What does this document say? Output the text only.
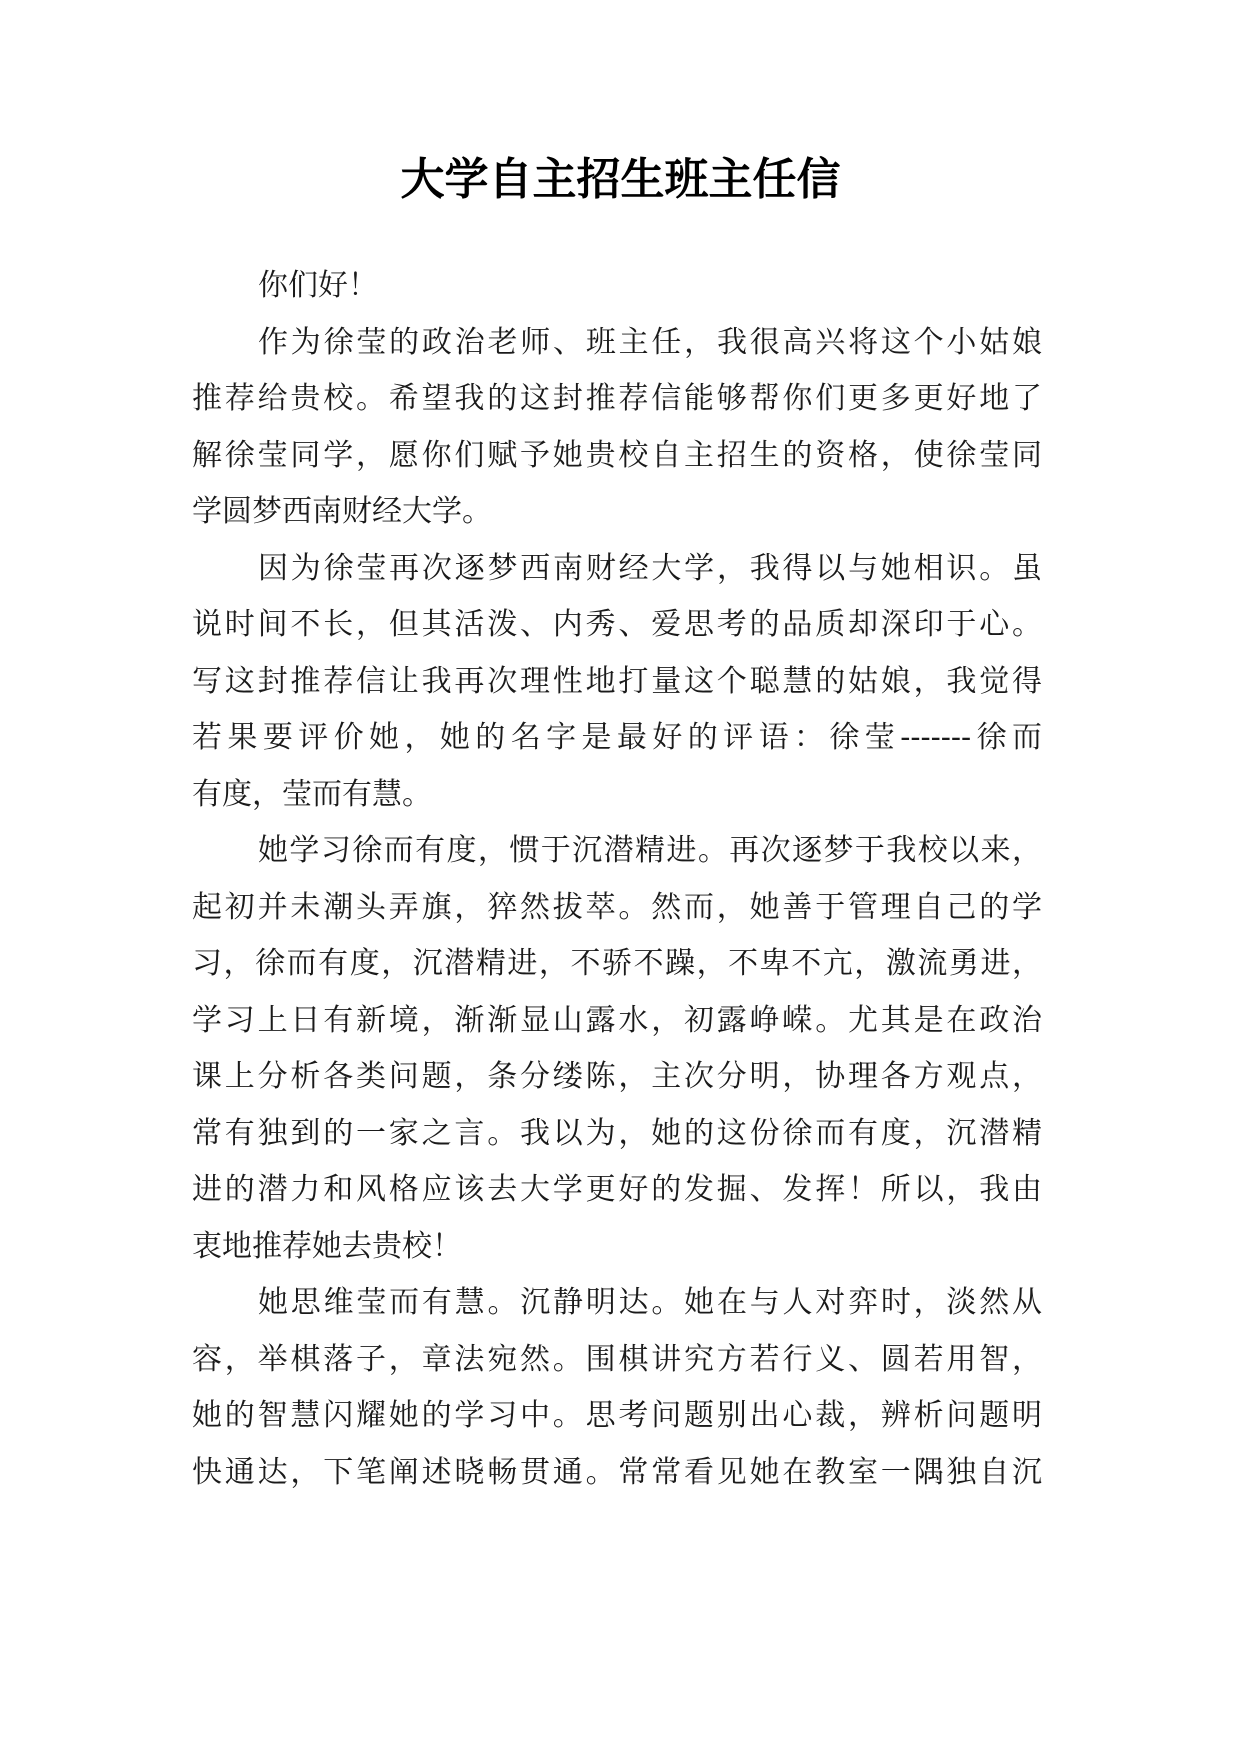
大学自主招生班主任信
你们好！
作为徐莹的政治老师、班主任，我很高兴将这个小姑娘
推荐给贵校。希望我的这封推荐信能够帮你们更多更好地了
解徐莹同学，愿你们赋予她贵校自主招生的资格，使徐莹同
学圆梦西南财经大学。
因为徐莹再次逐梦西南财经大学，我得以与她相识。虽
说时间不长，但其活泼、内秀、爱思考的品质却深印于心。
写这封推荐信让我再次理性地打量这个聪慧的姑娘，我觉得
若果要评价她，她的名字是最好的评语：徐莹-------徐而
有度，莹而有慧。
她学习徐而有度，惯于沉潜精进。再次逐梦于我校以来，
起初并未潮头弄旗，猝然拔萃。然而，她善于管理自己的学
习，徐而有度，沉潜精进，不骄不躁，不卑不亢，激流勇进，
学习上日有新境，渐渐显山露水，初露峥嵘。尤其是在政治
课上分析各类问题，条分缕陈，主次分明，协理各方观点，
常有独到的一家之言。我以为，她的这份徐而有度，沉潜精
进的潜力和风格应该去大学更好的发掘、发挥！所以，我由
衷地推荐她去贵校！
她思维莹而有慧。沉静明达。她在与人对弈时，淡然从
容，举棋落子，章法宛然。围棋讲究方若行义、圆若用智，
她的智慧闪耀她的学习中。思考问题别出心裁，辨析问题明
快通达，下笔阐述晓畅贯通。常常看见她在教室一隅独自沉
